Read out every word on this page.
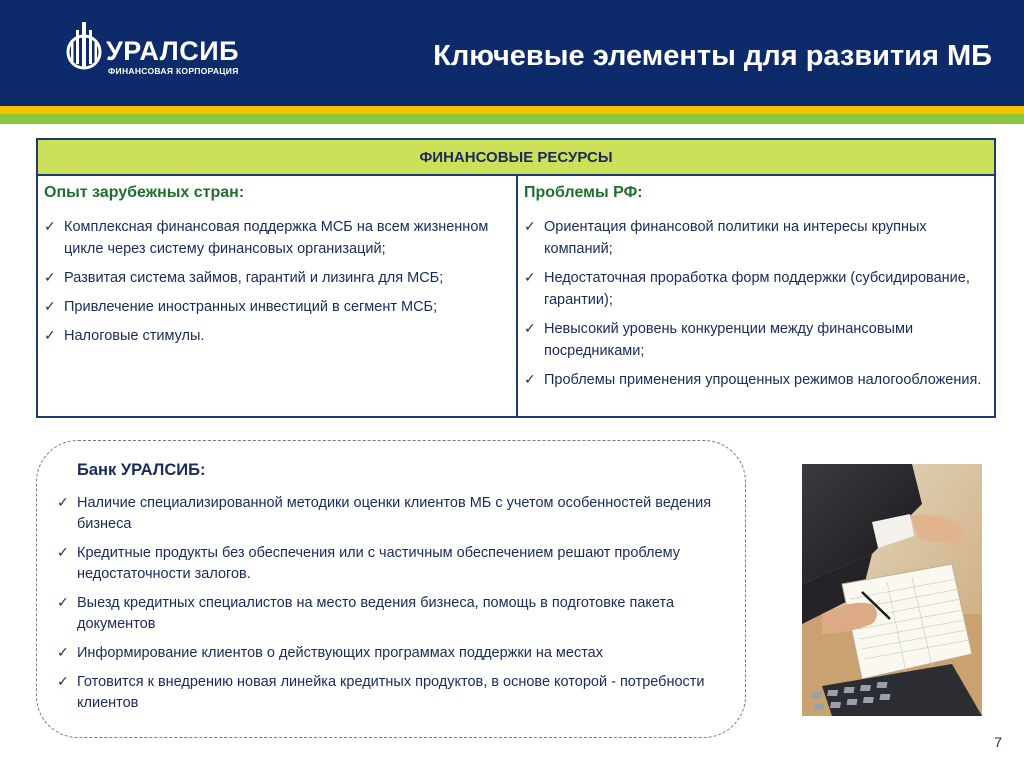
УРАЛСИБ
ФИНАНСОВАЯ КОРПОРАЦИЯ	Ключевые элементы для развития МБ
ФИНАНСОВЫЕ РЕСУРСЫ
Опыт зарубежных стран:
✓ Комплексная финансовая поддержка МСБ на всем жизненном цикле через систему финансовых организаций;
✓ Развитая система займов, гарантий и лизинга для МСБ;
✓ Привлечение иностранных инвестиций в сегмент МСБ;
✓ Налоговые стимулы.
Проблемы РФ:
✓ Ориентация финансовой политики на интересы крупных компаний;
✓ Недостаточная проработка форм поддержки (субсидирование, гарантии);
✓ Невысокий уровень конкуренции между финансовыми посредниками;
✓ Проблемы применения упрощенных режимов налогообложения.
Банк УРАЛСИБ:
✓ Наличие специализированной методики оценки клиентов МБ с учетом особенностей ведения бизнеса
✓ Кредитные продукты без обеспечения или с частичным обеспечением решают проблему недостаточности залогов.
✓ Выезд кредитных специалистов на место ведения бизнеса, помощь в подготовке пакета документов
✓ Информирование клиентов о действующих программах поддержки на местах
✓ Готовится к внедрению новая линейка кредитных продуктов, в основе которой - потребности клиентов
7
